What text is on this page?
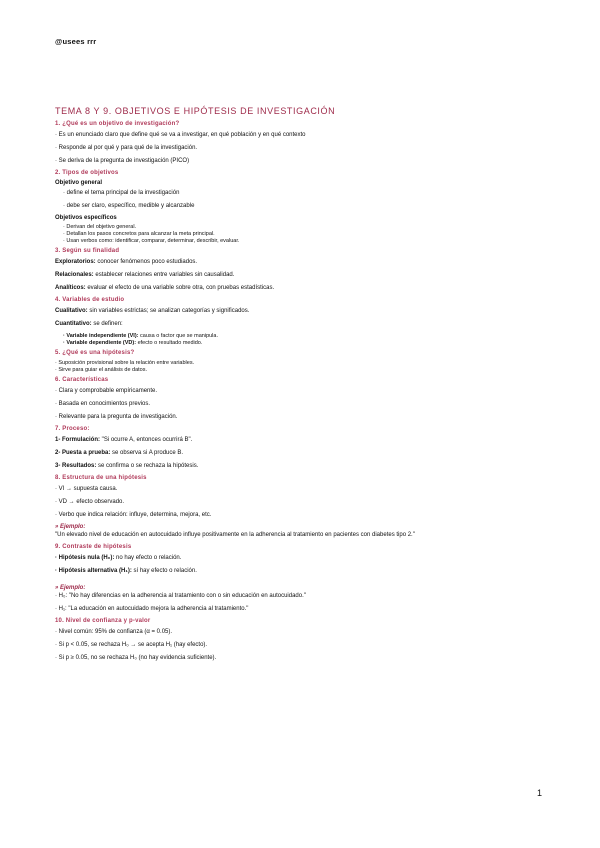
@usees rrr
TEMA 8 Y 9. OBJETIVOS E HIPÓTESIS DE INVESTIGACIÓN
1. ¿Qué es un objetivo de investigación?
· Es un enunciado claro que define qué se va a investigar, en qué población y en qué contexto
· Responde al por qué y para qué de la investigación.
· Se deriva de la pregunta de investigación (PICO)
2. Tipos de objetivos
Objetivo general
· define el tema principal de la investigación
· debe ser claro, específico, medible y alcanzable
Objetivos específicos
· Derivan del objetivo general.
· Detallan los pasos concretos para alcanzar la meta principal.
· Usan verbos como: identificar, comparar, determinar, describir, evaluar.
3. Según su finalidad
Exploratorios: conocer fenómenos poco estudiados.
Relacionales: establecer relaciones entre variables sin causalidad.
Analíticos: evaluar el efecto de una variable sobre otra, con pruebas estadísticas.
4. Variables de estudio
Cualitativo: sin variables estrictas; se analizan categorías y significados.
Cuantitativo: se definen:
· Variable independiente (VI): causa o factor que se manipula.
· Variable dependiente (VD): efecto o resultado medido.
5. ¿Qué es una hipótesis?
· Suposición provisional sobre la relación entre variables.
· Sirve para guiar el análisis de datos.
6. Características
· Clara y comprobable empíricamente.
· Basada en conocimientos previos.
· Relevante para la pregunta de investigación.
7. Proceso:
1- Formulación: "Si ocurre A, entonces ocurrirá B".
2- Puesta a prueba: se observa si A produce B.
3- Resultados: se confirma o se rechaza la hipótesis.
8. Estructura de una hipótesis
· VI → supuesta causa.
· VD → efecto observado.
· Verbo que indica relación: influye, determina, mejora, etc.
» Ejemplo:
"Un elevado nivel de educación en autocuidado influye positivamente en la adherencia al tratamiento en pacientes con diabetes tipo 2."
9. Contraste de hipótesis
· Hipótesis nula (H₀): no hay efecto o relación.
· Hipótesis alternativa (H₁): sí hay efecto o relación.
» Ejemplo:
· H₀: "No hay diferencias en la adherencia al tratamiento con o sin educación en autocuidado."
· H₁: "La educación en autocuidado mejora la adherencia al tratamiento."
10. Nivel de confianza y p-valor
· Nivel común: 95% de confianza (α = 0.05).
· Si p < 0.05, se rechaza H₀ → se acepta H₁ (hay efecto).
· Si p ≥ 0.05, no se rechaza H₀ (no hay evidencia suficiente).
1
